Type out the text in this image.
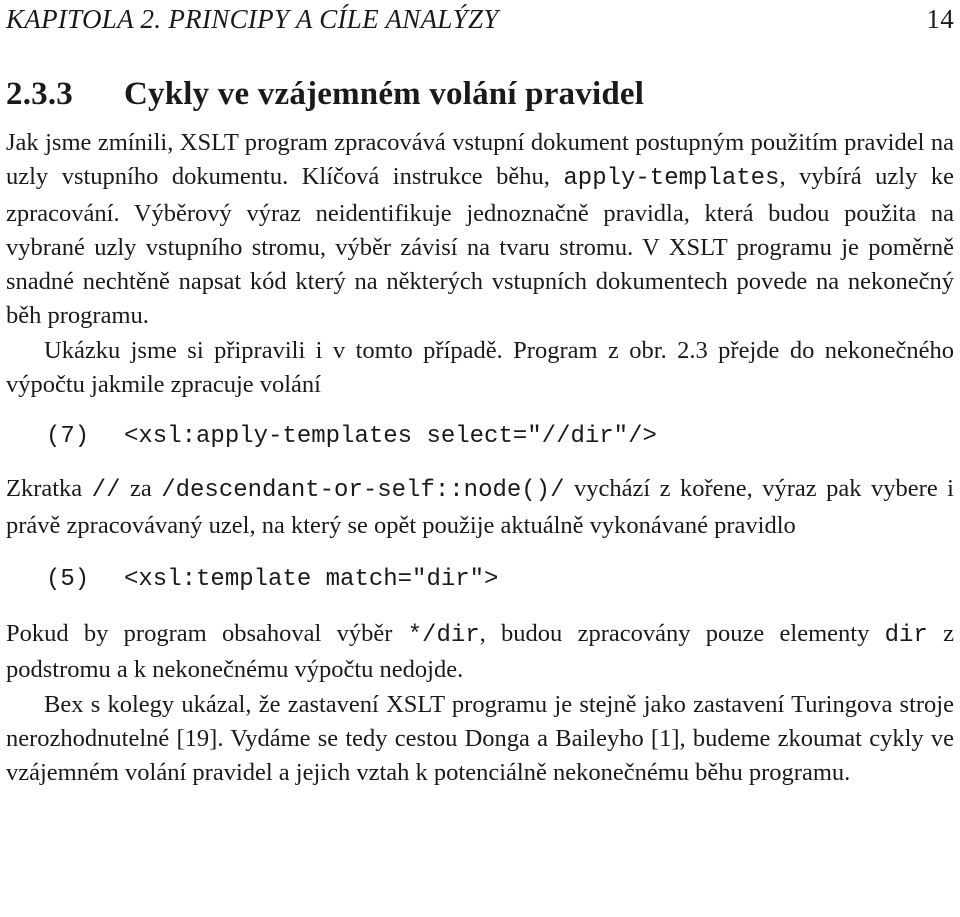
KAPITOLA 2. PRINCIPY A CÍLE ANALÝZY	14
2.3.3 Cykly ve vzájemném volání pravidel

Jak jsme zmínili, XSLT program zpracovává vstupní dokument postupným použitím pravidel na uzly vstupního dokumentu. Klíčová instrukce běhu, apply-templates, vybírá uzly ke zpracování. Výběrový výraz neidentifikuje jednoznačně pravidla, která budou použita na vybrané uzly vstupního stromu, výběr závisí na tvaru stromu. V XSLT programu je poměrně snadné nechtěně napsat kód který na některých vstupních dokumentech povede na nekonečný běh programu.

Ukázku jsme si připravili i v tomto případě. Program z obr. 2.3 přejde do nekonečného výpočtu jakmile zpracuje volání

(7) <xsl:apply-templates select="//dir"/>

Zkratka // za /descendant-or-self::node()/ vychází z kořene, výraz pak vybere i právě zpracovávaný uzel, na který se opět použije aktuálně vykonávané pravidlo

(5) <xsl:template match="dir">

Pokud by program obsahoval výběr */dir, budou zpracovány pouze elementy dir z podstromu a k nekonečnému výpočtu nedojde.

Bex s kolegy ukázal, že zastavení XSLT programu je stejně jako zastavení Turingova stroje nerozhodnutelné [19]. Vydáme se tedy cestou Donga a Baileyho [1], budeme zkoumat cykly ve vzájemném volání pravidel a jejich vztah k potenciálně nekonečnému běhu programu.
